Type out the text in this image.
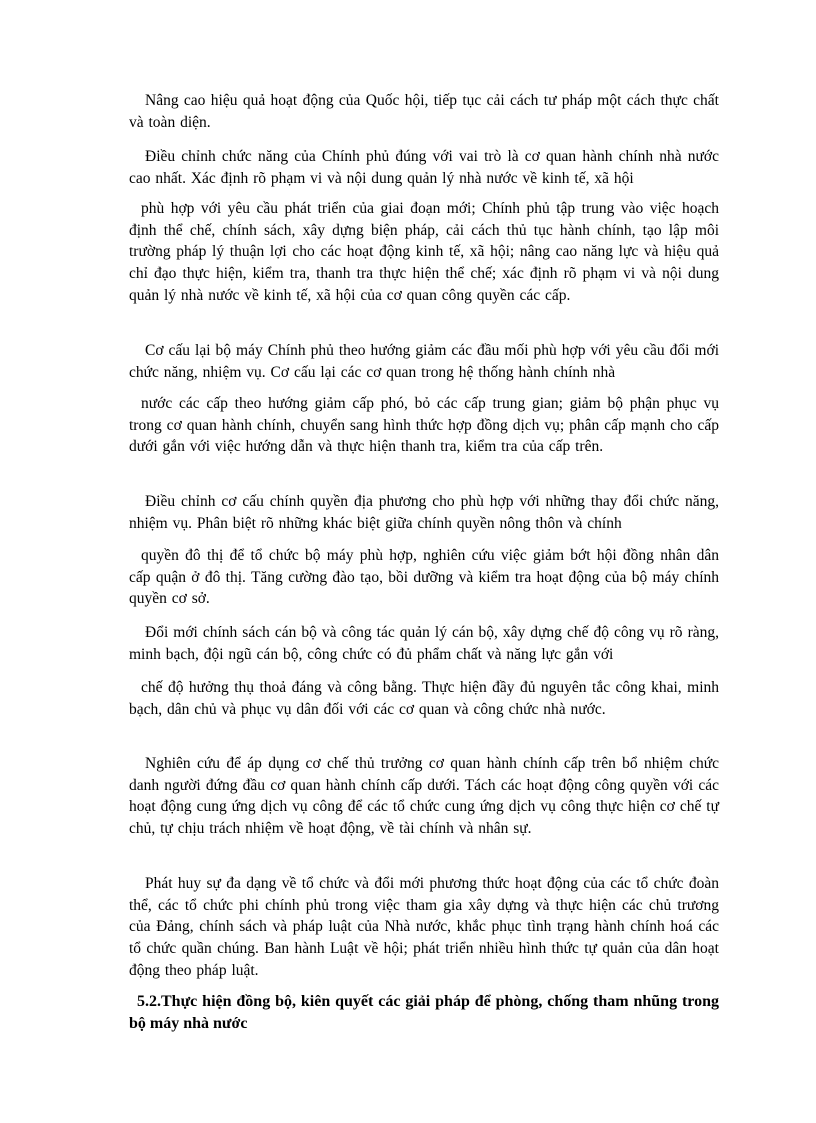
Nâng cao hiệu quả hoạt động của Quốc hội, tiếp tục cải cách tư pháp một cách thực chất và toàn diện.

Điều chỉnh chức năng của Chính phủ đúng với vai trò là cơ quan hành chính nhà nước cao nhất. Xác định rõ phạm vi và nội dung quản lý nhà nước về kinh tế, xã hội

phù hợp với yêu cầu phát triển của giai đoạn mới; Chính phủ tập trung vào việc hoạch định thể chế, chính sách, xây dựng biện pháp, cải cách thủ tục hành chính, tạo lập môi trường pháp lý thuận lợi cho các hoạt động kinh tế, xã hội; nâng cao năng lực và hiệu quả chỉ đạo thực hiện, kiểm tra, thanh tra thực hiện thể chế; xác định rõ phạm vi và nội dung quản lý nhà nước về kinh tế, xã hội của cơ quan công quyền các cấp.

Cơ cấu lại bộ máy Chính phủ theo hướng giảm các đầu mối phù hợp với yêu cầu đổi mới chức năng, nhiệm vụ. Cơ cấu lại các cơ quan trong hệ thống hành chính nhà

nước các cấp theo hướng giảm cấp phó, bỏ các cấp trung gian; giảm bộ phận phục vụ trong cơ quan hành chính, chuyển sang hình thức hợp đồng dịch vụ; phân cấp mạnh cho cấp dưới gắn với việc hướng dẫn và thực hiện thanh tra, kiểm tra của cấp trên.

Điều chỉnh cơ cấu chính quyền địa phương cho phù hợp với những thay đổi chức năng, nhiệm vụ. Phân biệt rõ những khác biệt giữa chính quyền nông thôn và chính

quyền đô thị để tổ chức bộ máy phù hợp, nghiên cứu việc giảm bớt hội đồng nhân dân cấp quận ở đô thị. Tăng cường đào tạo, bồi dưỡng và kiểm tra hoạt động của bộ máy chính quyền cơ sở.

Đổi mới chính sách cán bộ và công tác quản lý cán bộ, xây dựng chế độ công vụ rõ ràng, minh bạch, đội ngũ cán bộ, công chức có đủ phẩm chất và năng lực gắn với

chế độ hưởng thụ thoả đáng và công bằng. Thực hiện đầy đủ nguyên tắc công khai, minh bạch, dân chủ và phục vụ dân đối với các cơ quan và công chức nhà nước.

Nghiên cứu để áp dụng cơ chế thủ trưởng cơ quan hành chính cấp trên bổ nhiệm chức danh người đứng đầu cơ quan hành chính cấp dưới. Tách các hoạt động công quyền với các hoạt động cung ứng dịch vụ công để các tổ chức cung ứng dịch vụ công thực hiện cơ chế tự chủ, tự chịu trách nhiệm về hoạt động, về tài chính và nhân sự.

Phát huy sự đa dạng về tổ chức và đổi mới phương thức hoạt động của các tổ chức đoàn thể, các tổ chức phi chính phủ trong việc tham gia xây dựng và thực hiện các chủ trương của Đảng, chính sách và pháp luật của Nhà nước, khắc phục tình trạng hành chính hoá các tổ chức quần chúng. Ban hành Luật về hội; phát triển nhiều hình thức tự quản của dân hoạt động theo pháp luật.

5.2.Thực hiện đồng bộ, kiên quyết các giải pháp để phòng, chống tham nhũng trong bộ máy nhà nước
